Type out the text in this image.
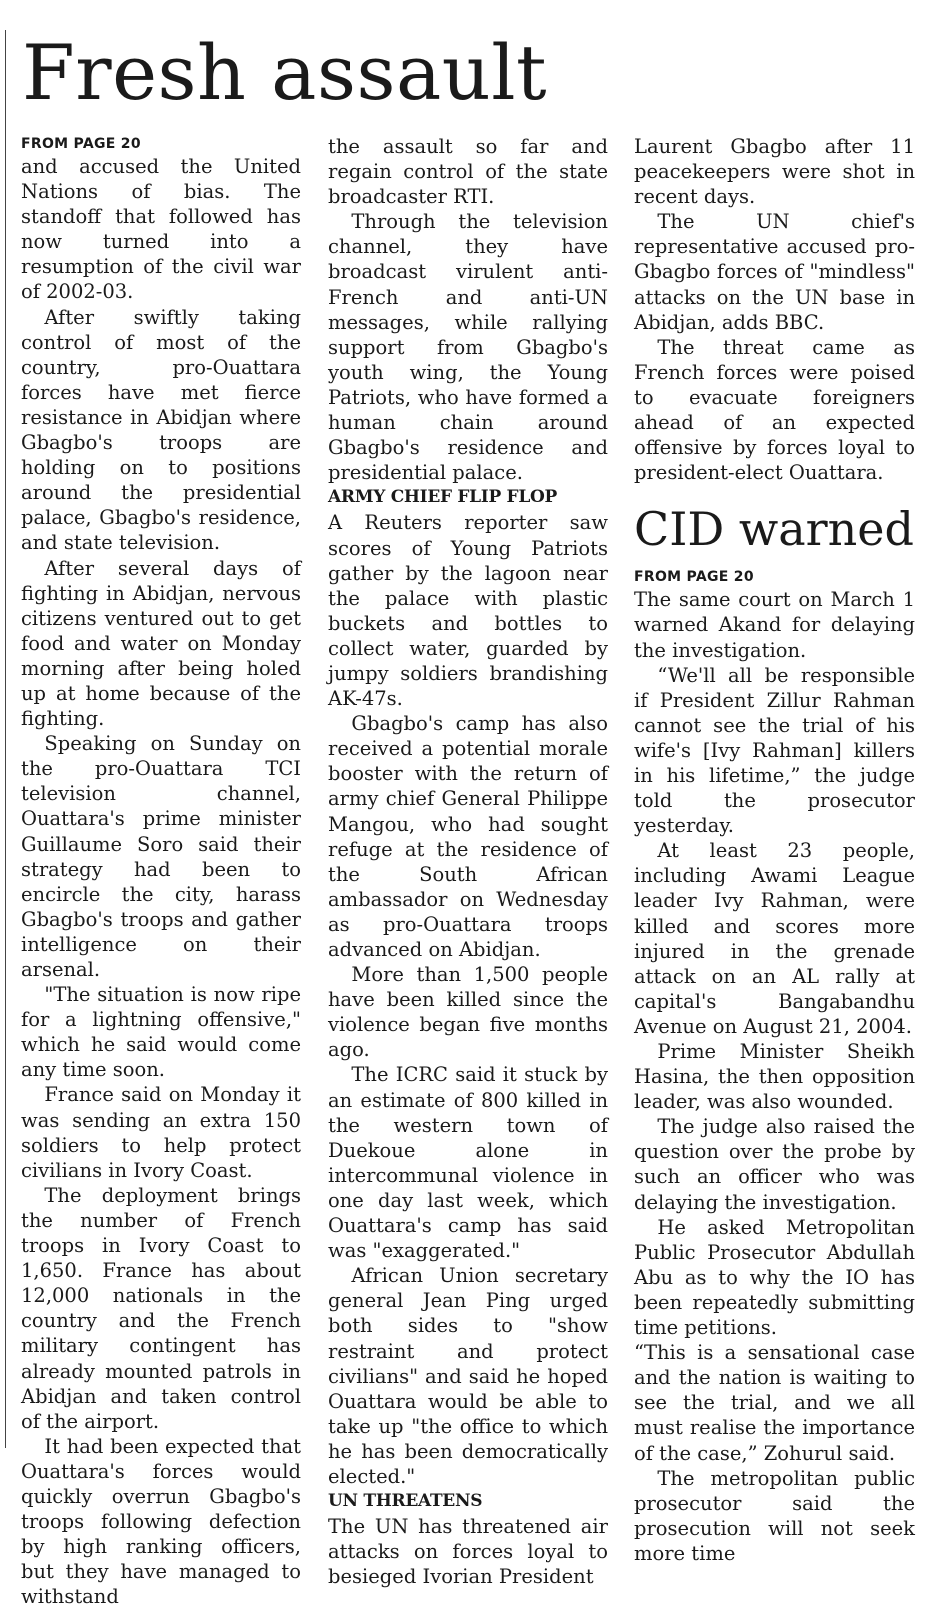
Fresh assault
FROM PAGE 20

and accused the United Nations of bias. The standoff that followed has now turned into a resumption of the civil war of 2002-03.

After swiftly taking control of most of the country, pro-Ouattara forces have met fierce resistance in Abidjan where Gbagbo's troops are holding on to positions around the presidential palace, Gbagbo's residence, and state television.

After several days of fighting in Abidjan, nervous citizens ventured out to get food and water on Monday morning after being holed up at home because of the fighting.

Speaking on Sunday on the pro-Ouattara TCI television channel, Ouattara's prime minister Guillaume Soro said their strategy had been to encircle the city, harass Gbagbo's troops and gather intelligence on their arsenal.

"The situation is now ripe for a lightning offensive," which he said would come any time soon.

France said on Monday it was sending an extra 150 soldiers to help protect civilians in Ivory Coast.

The deployment brings the number of French troops in Ivory Coast to 1,650. France has about 12,000 nationals in the country and the French military contingent has already mounted patrols in Abidjan and taken control of the airport.

It had been expected that Ouattara's forces would quickly overrun Gbagbo's troops following defection by high ranking officers, but they have managed to withstand

the assault so far and regain control of the state broadcaster RTI.

Through the television channel, they have broadcast virulent anti-French and anti-UN messages, while rallying support from Gbagbo's youth wing, the Young Patriots, who have formed a human chain around Gbagbo's residence and presidential palace.

ARMY CHIEF FLIP FLOP

A Reuters reporter saw scores of Young Patriots gather by the lagoon near the palace with plastic buckets and bottles to collect water, guarded by jumpy soldiers brandishing AK-47s.

Gbagbo's camp has also received a potential morale booster with the return of army chief General Philippe Mangou, who had sought refuge at the residence of the South African ambassador on Wednesday as pro-Ouattara troops advanced on Abidjan.

More than 1,500 people have been killed since the violence began five months ago.

The ICRC said it stuck by an estimate of 800 killed in the western town of Duekoue alone in intercommunal violence in one day last week, which Ouattara's camp has said was "exaggerated."

African Union secretary general Jean Ping urged both sides to "show restraint and protect civilians" and said he hoped Ouattara would be able to take up "the office to which he has been democratically elected."

UN THREATENS

The UN has threatened air attacks on forces loyal to besieged Ivorian President

Laurent Gbagbo after 11 peacekeepers were shot in recent days.

The UN chief's representative accused pro-Gbagbo forces of "mindless" attacks on the UN base in Abidjan, adds BBC.

The threat came as French forces were poised to evacuate foreigners ahead of an expected offensive by forces loyal to president-elect Ouattara.

CID warned
FROM PAGE 20

The same court on March 1 warned Akand for delaying the investigation.

“We'll all be responsible if President Zillur Rahman cannot see the trial of his wife's [Ivy Rahman] killers in his lifetime,” the judge told the prosecutor yesterday.

At least 23 people, including Awami League leader Ivy Rahman, were killed and scores more injured in the grenade attack on an AL rally at capital's Bangabandhu Avenue on August 21, 2004.

Prime Minister Sheikh Hasina, the then opposition leader, was also wounded.

The judge also raised the question over the probe by such an officer who was delaying the investigation.

He asked Metropolitan Public Prosecutor Abdullah Abu as to why the IO has been repeatedly submitting time petitions.

“This is a sensational case and the nation is waiting to see the trial, and we all must realise the importance of the case,” Zohurul said.

The metropolitan public prosecutor said the prosecution will not seek more time
